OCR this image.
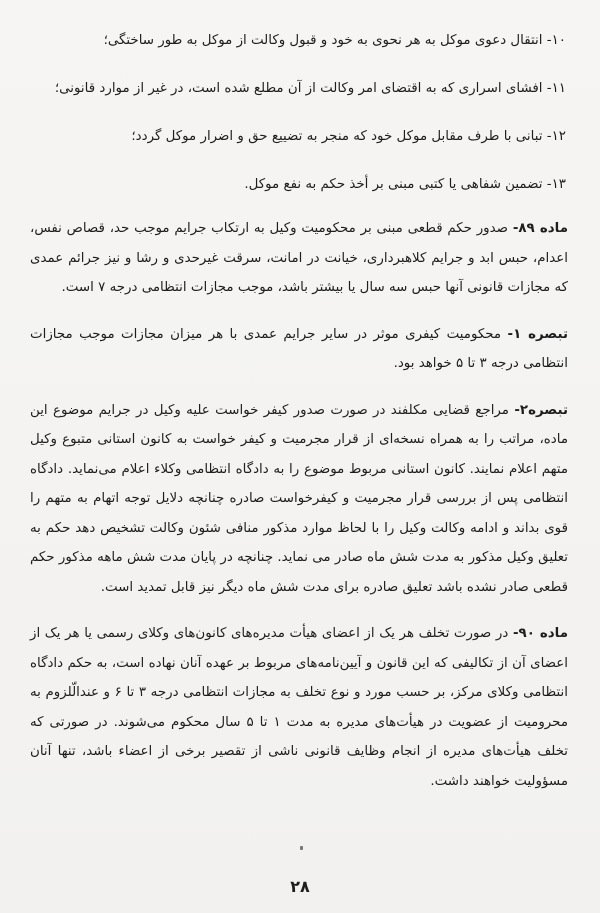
۱۰- انتقال دعوی موکل به هر نحوی به خود و قبول وکالت از موکل به طور ساختگی؛

۱۱- افشای اسراری که به اقتضای امر وکالت از آن مطلع شده است، در غیر از موارد قانونی؛

۱۲- تبانی با طرف مقابل موکل خود که منجر به تضییع حق و اضرار موکل گردد؛

۱۳- تضمین شفاهی یا کتبی مبنی بر أخذ حکم به نفع موکل.

ماده ۸۹- صدور حکم قطعی مبنی بر محکومیت وکیل به ارتکاب جرایم موجب حد، قصاص نفس، اعدام، حبس ابد و جرایم کلاهبرداری، خیانت در امانت، سرقت غیرحدی و رشا و نیز جرائم عمدی که مجازات قانونی آنها حبس سه سال یا بیشتر باشد، موجب مجازات انتظامی درجه ۷ است.

تبصره ۱- محکومیت کیفری موثر در سایر جرایم عمدی با هر میزان مجازات موجب مجازات انتظامی درجه ۳ تا ۵ خواهد بود.

تبصره۲- مراجع قضایی مکلفند در صورت صدور کیفر خواست علیه وکیل در جرایم موضوع این ماده، مراتب را به همراه نسخه‌ای از قرار مجرمیت و کیفر خواست به کانون استانی متبوع وکیل متهم اعلام نمایند. کانون استانی مربوط موضوع را به دادگاه انتظامی وکلاء اعلام می‌نماید. دادگاه انتظامی پس از بررسی قرار مجرمیت و کیفرخواست صادره چنانچه دلایل توجه اتهام به متهم را قوی بداند و ادامه وکالت وکیل را با لحاظ موارد مذکور منافی شئون وکالت تشخیص دهد حکم به تعلیق وکیل مذکور به مدت شش ماه صادر می نماید. چنانچه در پایان مدت شش ماهه مذکور حکم قطعی صادر نشده باشد تعلیق صادره برای مدت شش ماه دیگر نیز قابل تمدید است.

ماده ۹۰- در صورت تخلف هر یک از اعضای هیأت مدیره‌های کانون‌های وکلای رسمی یا هر یک از اعضای آن از تکالیفی که این قانون و آیین‌نامه‌های مربوط بر عهده آنان نهاده است، به حکم دادگاه انتظامی وکلای مرکز، بر حسب مورد و نوع تخلف به مجازات انتظامی درجه ۳ تا ۶ و عندالّلزوم به محرومیت از عضویت در هیأت‌های مدیره به مدت ۱ تا ۵ سال محکوم می‌شوند. در صورتی که تخلف هیأت‌های مدیره از انجام وظایف قانونی ناشی از تقصیر برخی از اعضاء باشد، تنها آنان مسؤولیت خواهند داشت.

۲۸
